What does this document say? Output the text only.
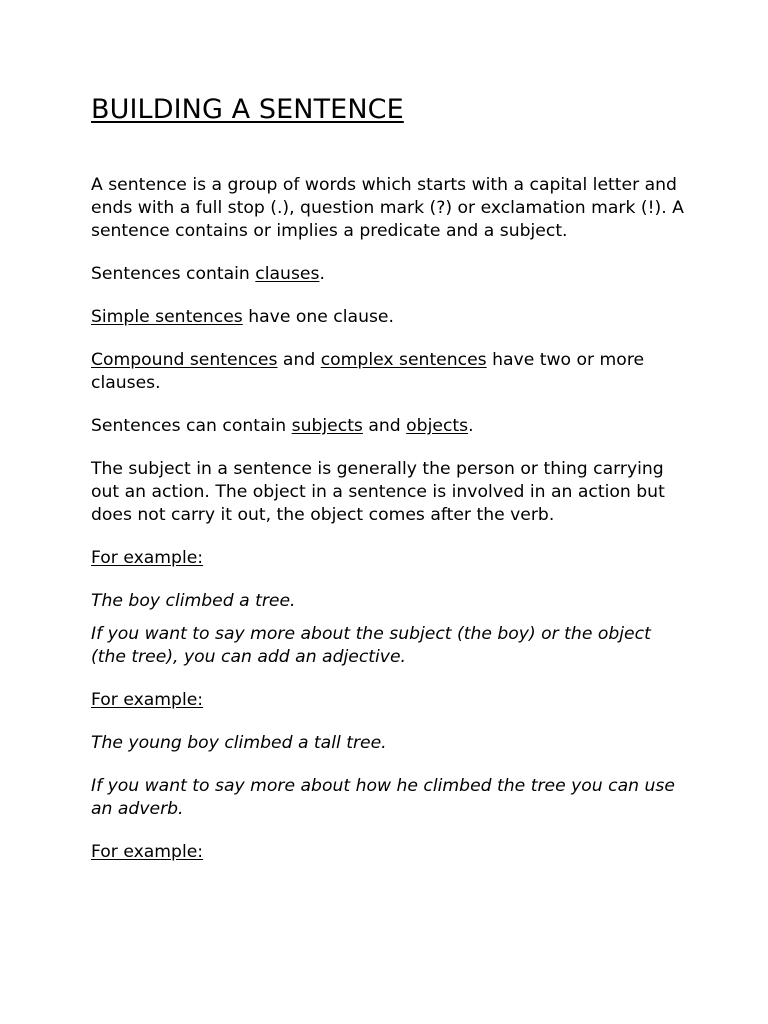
BUILDING A SENTENCE

A sentence is a group of words which starts with a capital letter and ends with a full stop (.), question mark (?) or exclamation mark (!). A sentence contains or implies a predicate and a subject.

Sentences contain clauses.

Simple sentences have one clause.

Compound sentences and complex sentences have two or more clauses.

Sentences can contain subjects and objects.

The subject in a sentence is generally the person or thing carrying out an action. The object in a sentence is involved in an action but does not carry it out, the object comes after the verb.

For example:

The boy climbed a tree.

If you want to say more about the subject (the boy) or the object (the tree), you can add an adjective.

For example:

The young boy climbed a tall tree.

If you want to say more about how he climbed the tree you can use an adverb.

For example:
